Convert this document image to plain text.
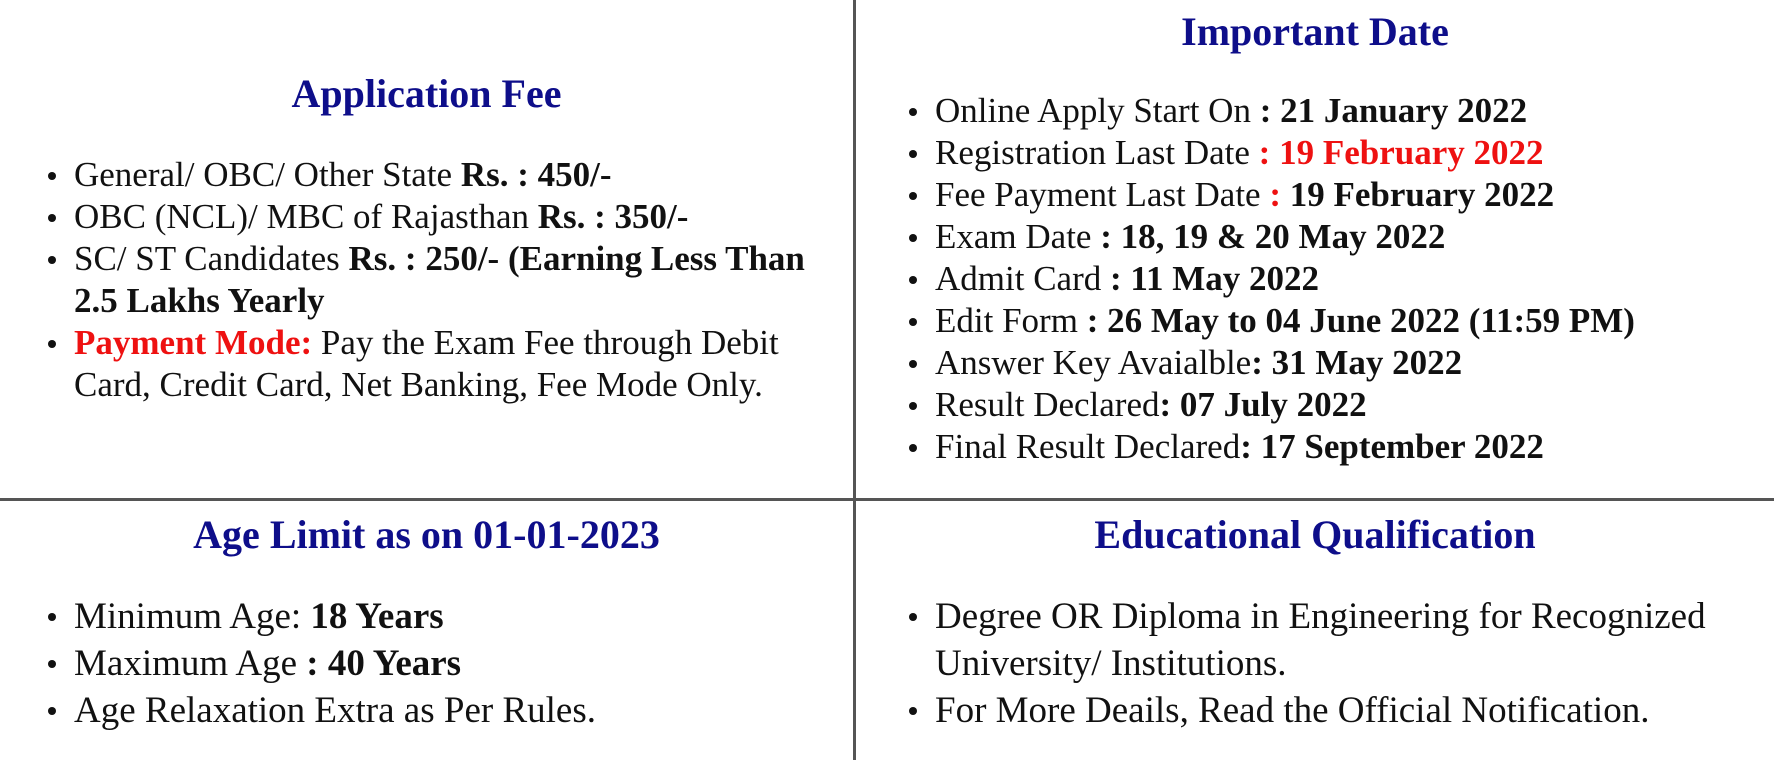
Application Fee
General/ OBC/ Other State Rs. : 450/-
OBC (NCL)/ MBC of Rajasthan Rs. : 350/-
SC/ ST Candidates Rs. : 250/- (Earning Less Than 2.5 Lakhs Yearly
Payment Mode: Pay the Exam Fee through Debit Card, Credit Card, Net Banking, Fee Mode Only.
Important Date
Online Apply Start On : 21 January 2022
Registration Last Date : 19 February 2022
Fee Payment Last Date : 19 February 2022
Exam Date : 18, 19 & 20 May 2022
Admit Card : 11 May 2022
Edit Form : 26 May to 04 June 2022 (11:59 PM)
Answer Key Avaialble: 31 May 2022
Result Declared: 07 July 2022
Final Result Declared: 17 September 2022
Age Limit as on 01-01-2023
Minimum Age: 18 Years
Maximum Age : 40 Years
Age Relaxation Extra as Per Rules.
Educational Qualification
Degree OR Diploma in Engineering for Recognized University/ Institutions.
For More Deails, Read the Official Notification.
